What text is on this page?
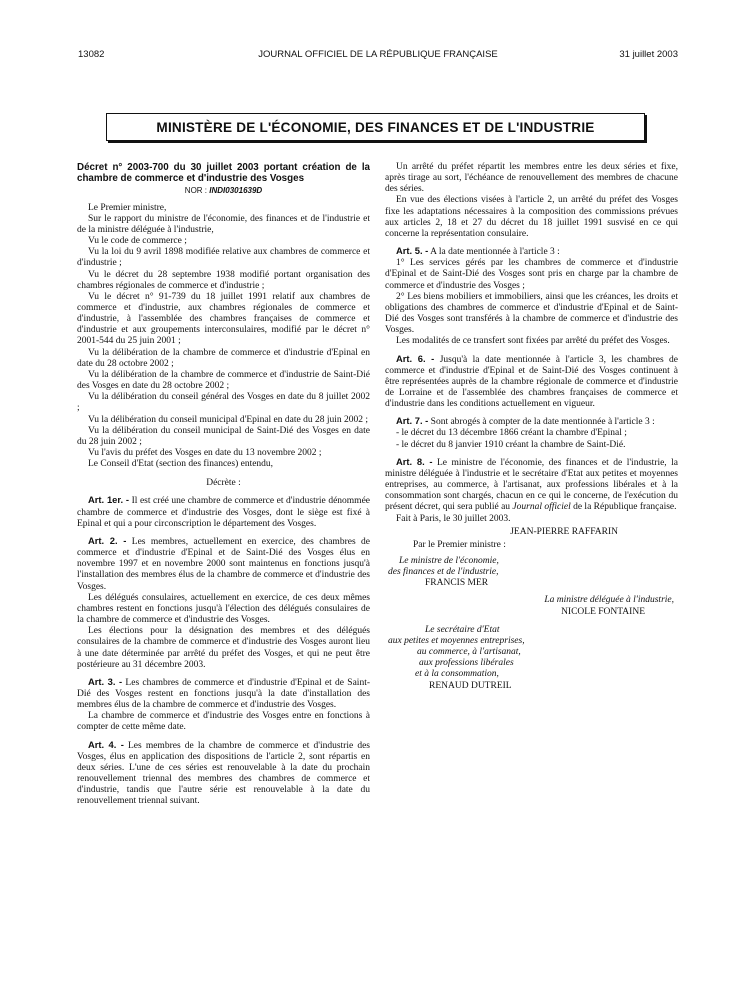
13082	JOURNAL OFFICIEL DE LA RÉPUBLIQUE FRANÇAISE	31 juillet 2003
MINISTÈRE DE L'ÉCONOMIE, DES FINANCES ET DE L'INDUSTRIE

Décret n° 2003-700 du 30 juillet 2003 portant création de la chambre de commerce et d'industrie des Vosges

NOR : INDI0301639D

Le Premier ministre,

Sur le rapport du ministre de l'économie, des finances et de l'industrie et de la ministre déléguée à l'industrie,

Vu le code de commerce ;

Vu la loi du 9 avril 1898 modifiée relative aux chambres de commerce et d'industrie ;

Vu le décret du 28 septembre 1938 modifié portant organisation des chambres régionales de commerce et d'industrie ;

Vu le décret n° 91-739 du 18 juillet 1991 relatif aux chambres de commerce et d'industrie, aux chambres régionales de commerce et d'industrie, à l'assemblée des chambres françaises de commerce et d'industrie et aux groupements interconsulaires, modifié par le décret n° 2001-544 du 25 juin 2001 ;

Vu la délibération de la chambre de commerce et d'industrie d'Epinal en date du 28 octobre 2002 ;

Vu la délibération de la chambre de commerce et d'industrie de Saint-Dié des Vosges en date du 28 octobre 2002 ;

Vu la délibération du conseil général des Vosges en date du 8 juillet 2002 ;

Vu la délibération du conseil municipal d'Epinal en date du 28 juin 2002 ;

Vu la délibération du conseil municipal de Saint-Dié des Vosges en date du 28 juin 2002 ;

Vu l'avis du préfet des Vosges en date du 13 novembre 2002 ;

Le Conseil d'Etat (section des finances) entendu,

Décrète :

Art. 1er. - Il est créé une chambre de commerce et d'industrie dénommée chambre de commerce et d'industrie des Vosges, dont le siège est fixé à Epinal et qui a pour circonscription le département des Vosges.

Art. 2. - Les membres, actuellement en exercice, des chambres de commerce et d'industrie d'Epinal et de Saint-Dié des Vosges élus en novembre 1997 et en novembre 2000 sont maintenus en fonctions jusqu'à l'installation des membres élus de la chambre de commerce et d'industrie des Vosges.

Les délégués consulaires, actuellement en exercice, de ces deux mêmes chambres restent en fonctions jusqu'à l'élection des délégués consulaires de la chambre de commerce et d'industrie des Vosges.

Les élections pour la désignation des membres et des délégués consulaires de la chambre de commerce et d'industrie des Vosges auront lieu à une date déterminée par arrêté du préfet des Vosges, et qui ne peut être postérieure au 31 décembre 2003.

Art. 3. - Les chambres de commerce et d'industrie d'Epinal et de Saint-Dié des Vosges restent en fonctions jusqu'à la date d'installation des membres élus de la chambre de commerce et d'industrie des Vosges.

La chambre de commerce et d'industrie des Vosges entre en fonctions à compter de cette même date.

Art. 4. - Les membres de la chambre de commerce et d'industrie des Vosges, élus en application des dispositions de l'article 2, sont répartis en deux séries. L'une de ces séries est renouvelable à la date du prochain renouvellement triennal des membres des chambres de commerce et d'industrie, tandis que l'autre série est renouvelable à la date du renouvellement triennal suivant.

Un arrêté du préfet répartit les membres entre les deux séries et fixe, après tirage au sort, l'échéance de renouvellement des membres de chacune des séries.

En vue des élections visées à l'article 2, un arrêté du préfet des Vosges fixe les adaptations nécessaires à la composition des commissions prévues aux articles 2, 18 et 27 du décret du 18 juillet 1991 susvisé en ce qui concerne la représentation consulaire.

Art. 5. - A la date mentionnée à l'article 3 :

1° Les services gérés par les chambres de commerce et d'industrie d'Epinal et de Saint-Dié des Vosges sont pris en charge par la chambre de commerce et d'industrie des Vosges ;

2° Les biens mobiliers et immobiliers, ainsi que les créances, les droits et obligations des chambres de commerce et d'industrie d'Epinal et de Saint-Dié des Vosges sont transférés à la chambre de commerce et d'industrie des Vosges.

Les modalités de ce transfert sont fixées par arrêté du préfet des Vosges.

Art. 6. - Jusqu'à la date mentionnée à l'article 3, les chambres de commerce et d'industrie d'Epinal et de Saint-Dié des Vosges continuent à être représentées auprès de la chambre régionale de commerce et d'industrie de Lorraine et de l'assemblée des chambres françaises de commerce et d'industrie dans les conditions actuellement en vigueur.

Art. 7. - Sont abrogés à compter de la date mentionnée à l'article 3 :

- le décret du 13 décembre 1866 créant la chambre d'Epinal ;

- le décret du 8 janvier 1910 créant la chambre de Saint-Dié.

Art. 8. - Le ministre de l'économie, des finances et de l'industrie, la ministre déléguée à l'industrie et le secrétaire d'Etat aux petites et moyennes entreprises, au commerce, à l'artisanat, aux professions libérales et à la consommation sont chargés, chacun en ce qui le concerne, de l'exécution du présent décret, qui sera publié au Journal officiel de la République française.

Fait à Paris, le 30 juillet 2003.

JEAN-PIERRE RAFFARIN
Par le Premier ministre :
Le ministre de l'économie,
des finances et de l'industrie,
FRANCIS MER
La ministre déléguée à l'industrie,
NICOLE FONTAINE
Le secrétaire d'Etat
aux petites et moyennes entreprises,
au commerce, à l'artisanat,
aux professions libérales
et à la consommation,
RENAUD DUTREIL
